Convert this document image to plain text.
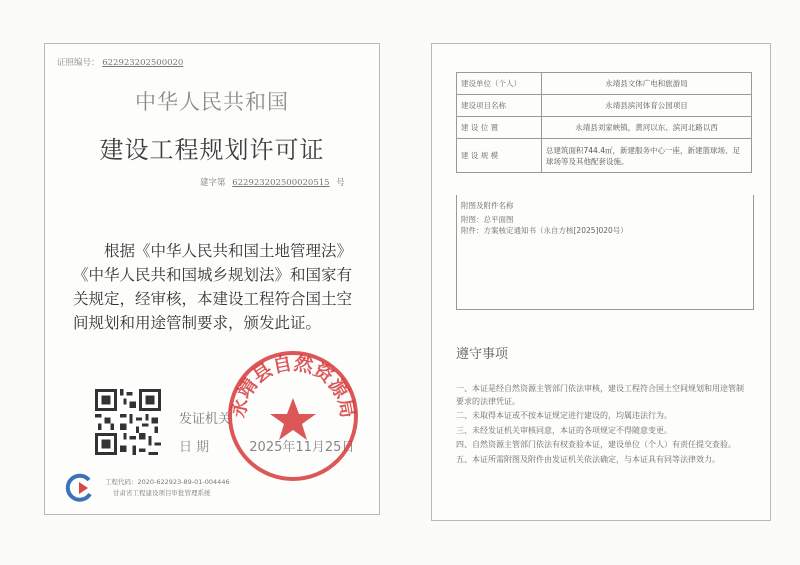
证照编号： 622923202500020
中华人民共和国
建设工程规划许可证
建字第 622923202500020515 号
根据《中华人民共和国土地管理法》《中华人民共和国城乡规划法》和国家有关规定，经审核，本建设工程符合国土空间规划和用途管制要求，颁发此证。
发证机关
日 期	2025年11月25日
永靖县自然资源局
工程代码：2020-622923-89-01-004446
甘肃省工程建设项目审批管理系统
建设单位（个人）	永靖县文体广电和旅游局
建设项目名称	永靖县滨河体育公园项目
建 设 位 置	永靖县刘家峡镇，黄河以东、滨河北路以西
建 设 规 模	总建筑面积744.4㎡，新建服务中心一座，新建篮球场、足球场等及其他配套设施。
附图及附件名称
附图：总平面图
附件：方案核定通知书（永自方核[2025]020号）
遵守事项
一、本证是经自然资源主管部门依法审核，建设工程符合国土空间规划和用途管制要求的法律凭证。
二、未取得本证或不按本证规定进行建设的，均属违法行为。
三、未经发证机关审核同意，本证的各项规定不得随意变更。
四、自然资源主管部门依法有权查验本证，建设单位（个人）有责任提交查验。
五、本证所需附图及附件由发证机关依法确定，与本证具有同等法律效力。
